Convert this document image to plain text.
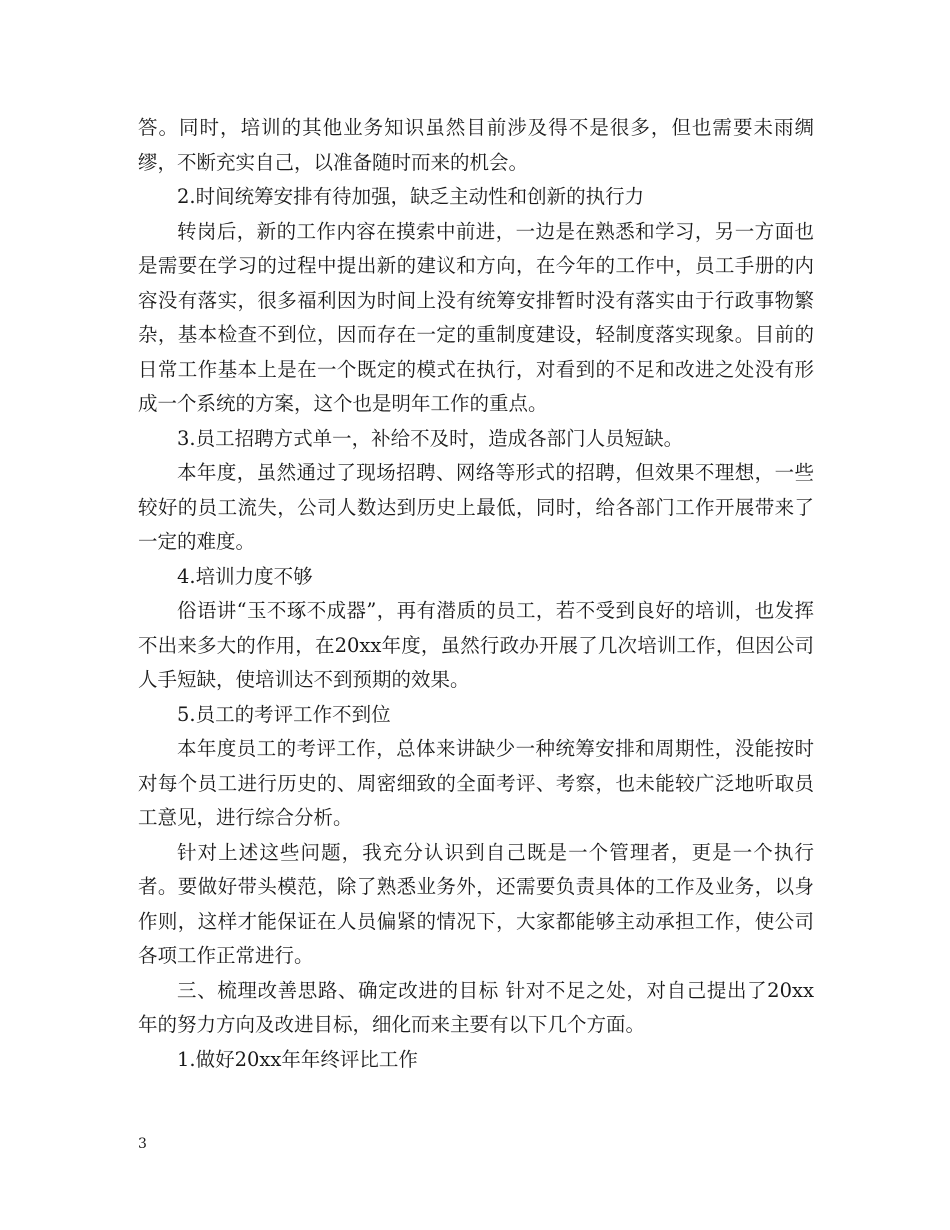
答。同时，培训的其他业务知识虽然目前涉及得不是很多，但也需要未雨绸缪，不断充实自己，以准备随时而来的机会。

2.时间统筹安排有待加强，缺乏主动性和创新的执行力

转岗后，新的工作内容在摸索中前进，一边是在熟悉和学习，另一方面也是需要在学习的过程中提出新的建议和方向，在今年的工作中，员工手册的内容没有落实，很多福利因为时间上没有统筹安排暂时没有落实由于行政事物繁杂，基本检查不到位，因而存在一定的重制度建设，轻制度落实现象。目前的日常工作基本上是在一个既定的模式在执行，对看到的不足和改进之处没有形成一个系统的方案，这个也是明年工作的重点。

3.员工招聘方式单一，补给不及时，造成各部门人员短缺。

本年度，虽然通过了现场招聘、网络等形式的招聘，但效果不理想，一些较好的员工流失，公司人数达到历史上最低，同时，给各部门工作开展带来了一定的难度。

4.培训力度不够

俗语讲“玉不琢不成器”，再有潜质的员工，若不受到良好的培训，也发挥不出来多大的作用，在20xx年度，虽然行政办开展了几次培训工作，但因公司人手短缺，使培训达不到预期的效果。

5.员工的考评工作不到位

本年度员工的考评工作，总体来讲缺少一种统筹安排和周期性，没能按时对每个员工进行历史的、周密细致的全面考评、考察，也未能较广泛地听取员工意见，进行综合分析。

针对上述这些问题，我充分认识到自己既是一个管理者，更是一个执行者。要做好带头模范，除了熟悉业务外，还需要负责具体的工作及业务，以身作则，这样才能保证在人员偏紧的情况下，大家都能够主动承担工作，使公司各项工作正常进行。

三、梳理改善思路、确定改进的目标 针对不足之处，对自己提出了20xx年的努力方向及改进目标，细化而来主要有以下几个方面。

1.做好20xx年年终评比工作

3
